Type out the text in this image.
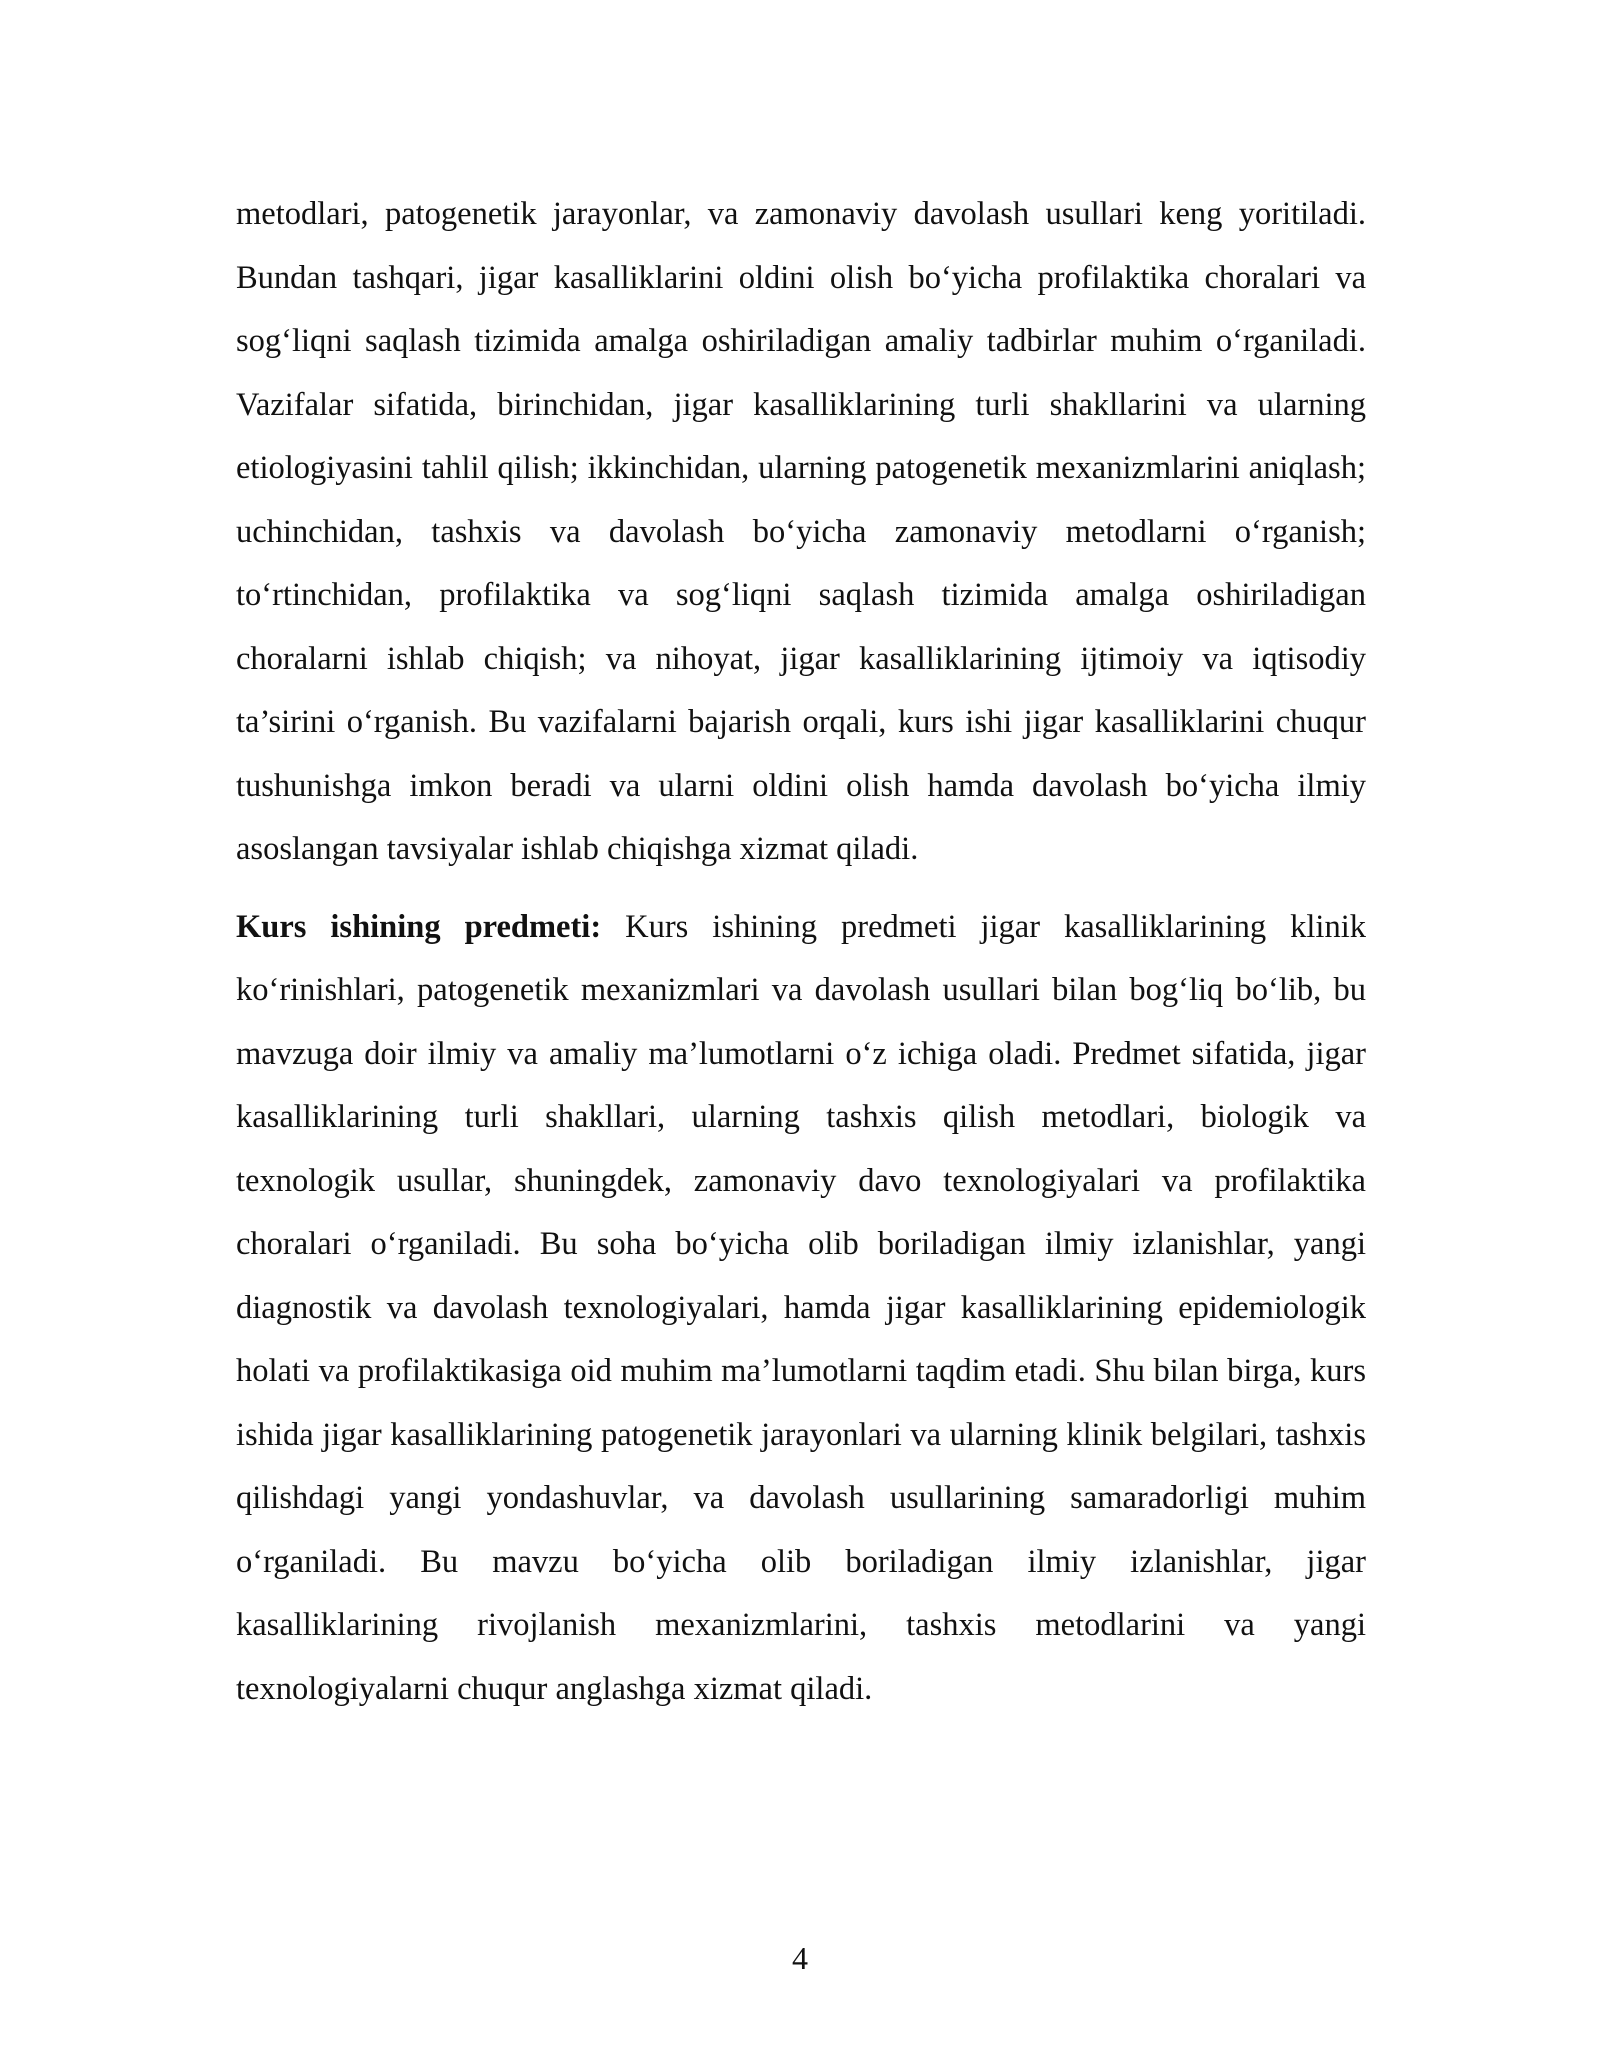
metodlari, patogenetik jarayonlar, va zamonaviy davolash usullari keng yoritiladi. Bundan tashqari, jigar kasalliklarini oldini olish bo‘yicha profilaktika choralari va sog‘liqni saqlash tizimida amalga oshiriladigan amaliy tadbirlar muhim o‘rganiladi. Vazifalar sifatida, birinchidan, jigar kasalliklarining turli shakllarini va ularning etiologiyasini tahlil qilish; ikkinchidan, ularning patogenetik mexanizmlarini aniqlash; uchinchidan, tashxis va davolash bo‘yicha zamonaviy metodlarni o‘rganish; to‘rtinchidan, profilaktika va sog‘liqni saqlash tizimida amalga oshiriladigan choralarni ishlab chiqish; va nihoyat, jigar kasalliklarining ijtimoiy va iqtisodiy ta’sirini o‘rganish. Bu vazifalarni bajarish orqali, kurs ishi jigar kasalliklarini chuqur tushunishga imkon beradi va ularni oldini olish hamda davolash bo‘yicha ilmiy asoslangan tavsiyalar ishlab chiqishga xizmat qiladi.

Kurs ishining predmeti: Kurs ishining predmeti jigar kasalliklarining klinik ko‘rinishlari, patogenetik mexanizmlari va davolash usullari bilan bog‘liq bo‘lib, bu mavzuga doir ilmiy va amaliy ma’lumotlarni o‘z ichiga oladi. Predmet sifatida, jigar kasalliklarining turli shakllari, ularning tashxis qilish metodlari, biologik va texnologik usullar, shuningdek, zamonaviy davo texnologiyalari va profilaktika choralari o‘rganiladi. Bu soha bo‘yicha olib boriladigan ilmiy izlanishlar, yangi diagnostik va davolash texnologiyalari, hamda jigar kasalliklarining epidemiologik holati va profilaktikasiga oid muhim ma’lumotlarni taqdim etadi. Shu bilan birga, kurs ishida jigar kasalliklarining patogenetik jarayonlari va ularning klinik belgilari, tashxis qilishdagi yangi yondashuvlar, va davolash usullarining samaradorligi muhim o‘rganiladi. Bu mavzu bo‘yicha olib boriladigan ilmiy izlanishlar, jigar kasalliklarining rivojlanish mexanizmlarini, tashxis metodlarini va yangi texnologiyalarni chuqur anglashga xizmat qiladi.

4
